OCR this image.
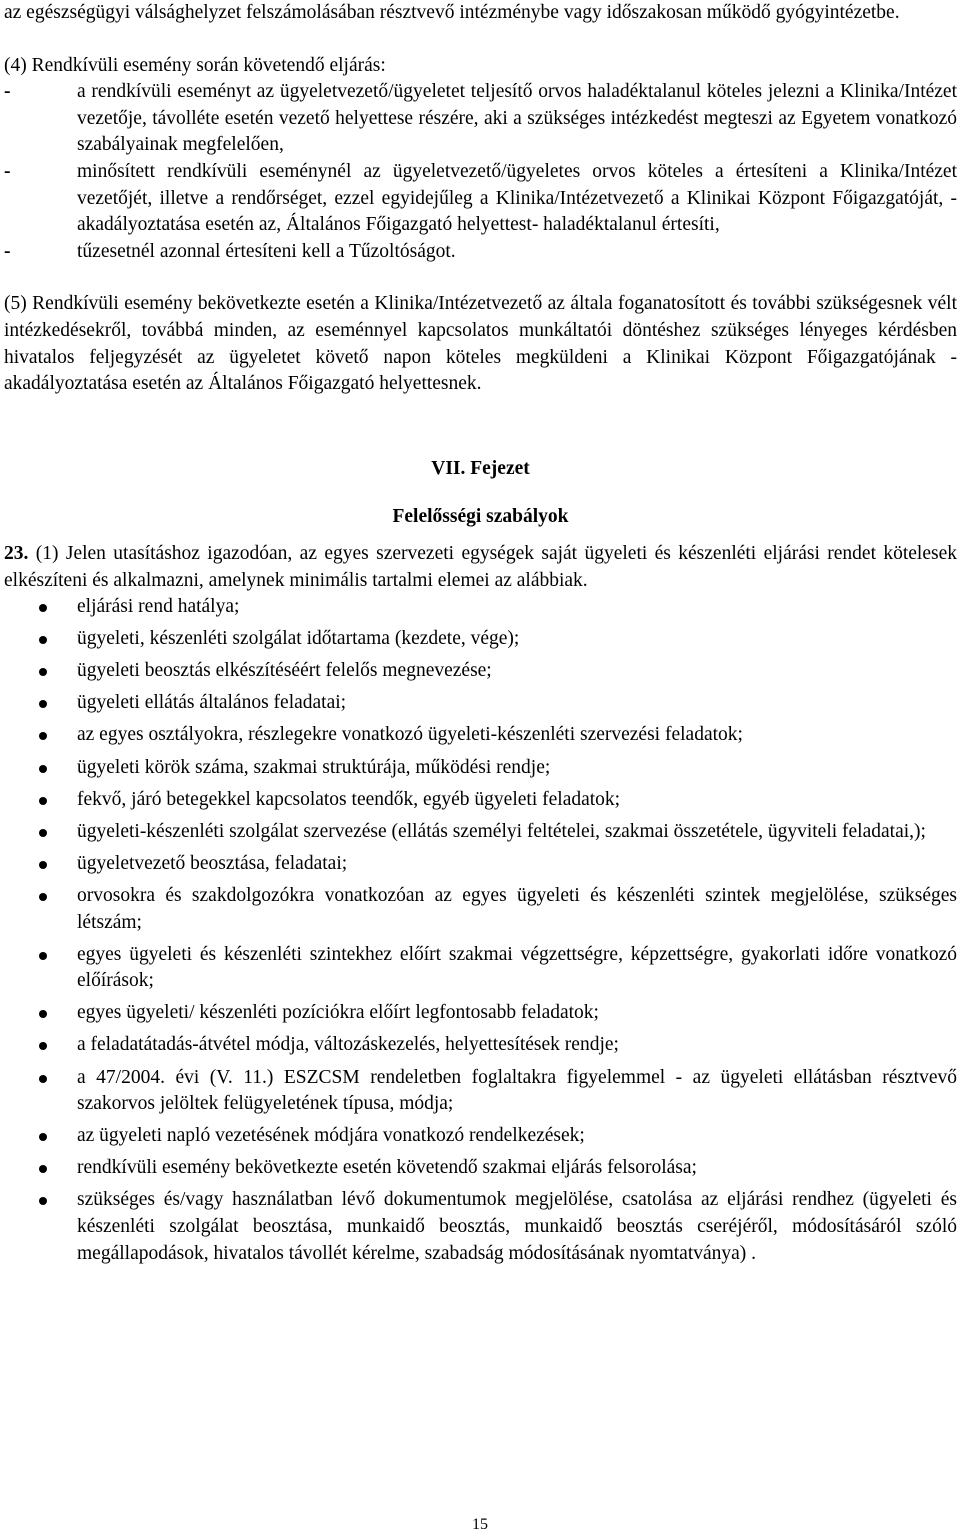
az egészségügyi válsághelyzet felszámolásában résztvevő intézménybe vagy időszakosan működő gyógyintézetbe.

(4) Rendkívüli esemény során követendő eljárás:

-	a rendkívüli eseményt az ügyeletvezető/ügyeletet teljesítő orvos haladéktalanul köteles jelezni a Klinika/Intézet vezetője, távolléte esetén vezető helyettese részére, aki a szükséges intézkedést megteszi az Egyetem vonatkozó szabályainak megfelelően,
-	minősített rendkívüli eseménynél az ügyeletvezető/ügyeletes orvos köteles a értesíteni a Klinika/Intézet vezetőjét, illetve a rendőrséget, ezzel egyidejűleg a Klinika/Intézetvezető a Klinikai Központ Főigazgatóját, - akadályoztatása esetén az, Általános Főigazgató helyettest- haladéktalanul értesíti,
-	tűzesetnél azonnal értesíteni kell a Tűzoltóságot.

(5) Rendkívüli esemény bekövetkezte esetén a Klinika/Intézetvezető az általa foganatosított és további szükségesnek vélt intézkedésekről, továbbá minden, az eseménnyel kapcsolatos munkáltatói döntéshez szükséges lényeges kérdésben hivatalos feljegyzését az ügyeletet követő napon köteles megküldeni a Klinikai Központ Főigazgatójának - akadályoztatása esetén az Általános Főigazgató helyettesnek.

VII. Fejezet

Felelősségi szabályok

23. (1) Jelen utasításhoz igazodóan, az egyes szervezeti egységek saját ügyeleti és készenléti eljárási rendet kötelesek elkészíteni és alkalmazni, amelynek minimális tartalmi elemei az alábbiak.

eljárási rend hatálya;
ügyeleti, készenléti szolgálat időtartama (kezdete, vége);
ügyeleti beosztás elkészítéséért felelős megnevezése;
ügyeleti ellátás általános feladatai;
az egyes osztályokra, részlegekre vonatkozó ügyeleti-készenléti szervezési feladatok;
ügyeleti körök száma, szakmai struktúrája, működési rendje;
fekvő, járó betegekkel kapcsolatos teendők, egyéb ügyeleti feladatok;
ügyeleti-készenléti szolgálat szervezése (ellátás személyi feltételei, szakmai összetétele, ügyviteli feladatai,);
ügyeletvezető beosztása, feladatai;
orvosokra és szakdolgozókra vonatkozóan az egyes ügyeleti és készenléti szintek megjelölése, szükséges létszám;
egyes ügyeleti és készenléti szintekhez előírt szakmai végzettségre, képzettségre, gyakorlati időre vonatkozó előírások;
egyes ügyeleti/ készenléti pozíciókra előírt legfontosabb feladatok;
a feladatátadás-átvétel módja, változáskezelés, helyettesítések rendje;
a 47/2004. évi (V. 11.) ESZCSM rendeletben foglaltakra figyelemmel - az ügyeleti ellátásban résztvevő szakorvos jelöltek felügyeletének típusa, módja;
az ügyeleti napló vezetésének módjára vonatkozó rendelkezések;
rendkívüli esemény bekövetkezte esetén követendő szakmai eljárás felsorolása;
szükséges és/vagy használatban lévő dokumentumok megjelölése, csatolása az eljárási rendhez (ügyeleti és készenléti szolgálat beosztása, munkaidő beosztás, munkaidő beosztás cseréjéről, módosításáról szóló megállapodások, hivatalos távollét kérelme, szabadság módosításának nyomtatványa) .
15
